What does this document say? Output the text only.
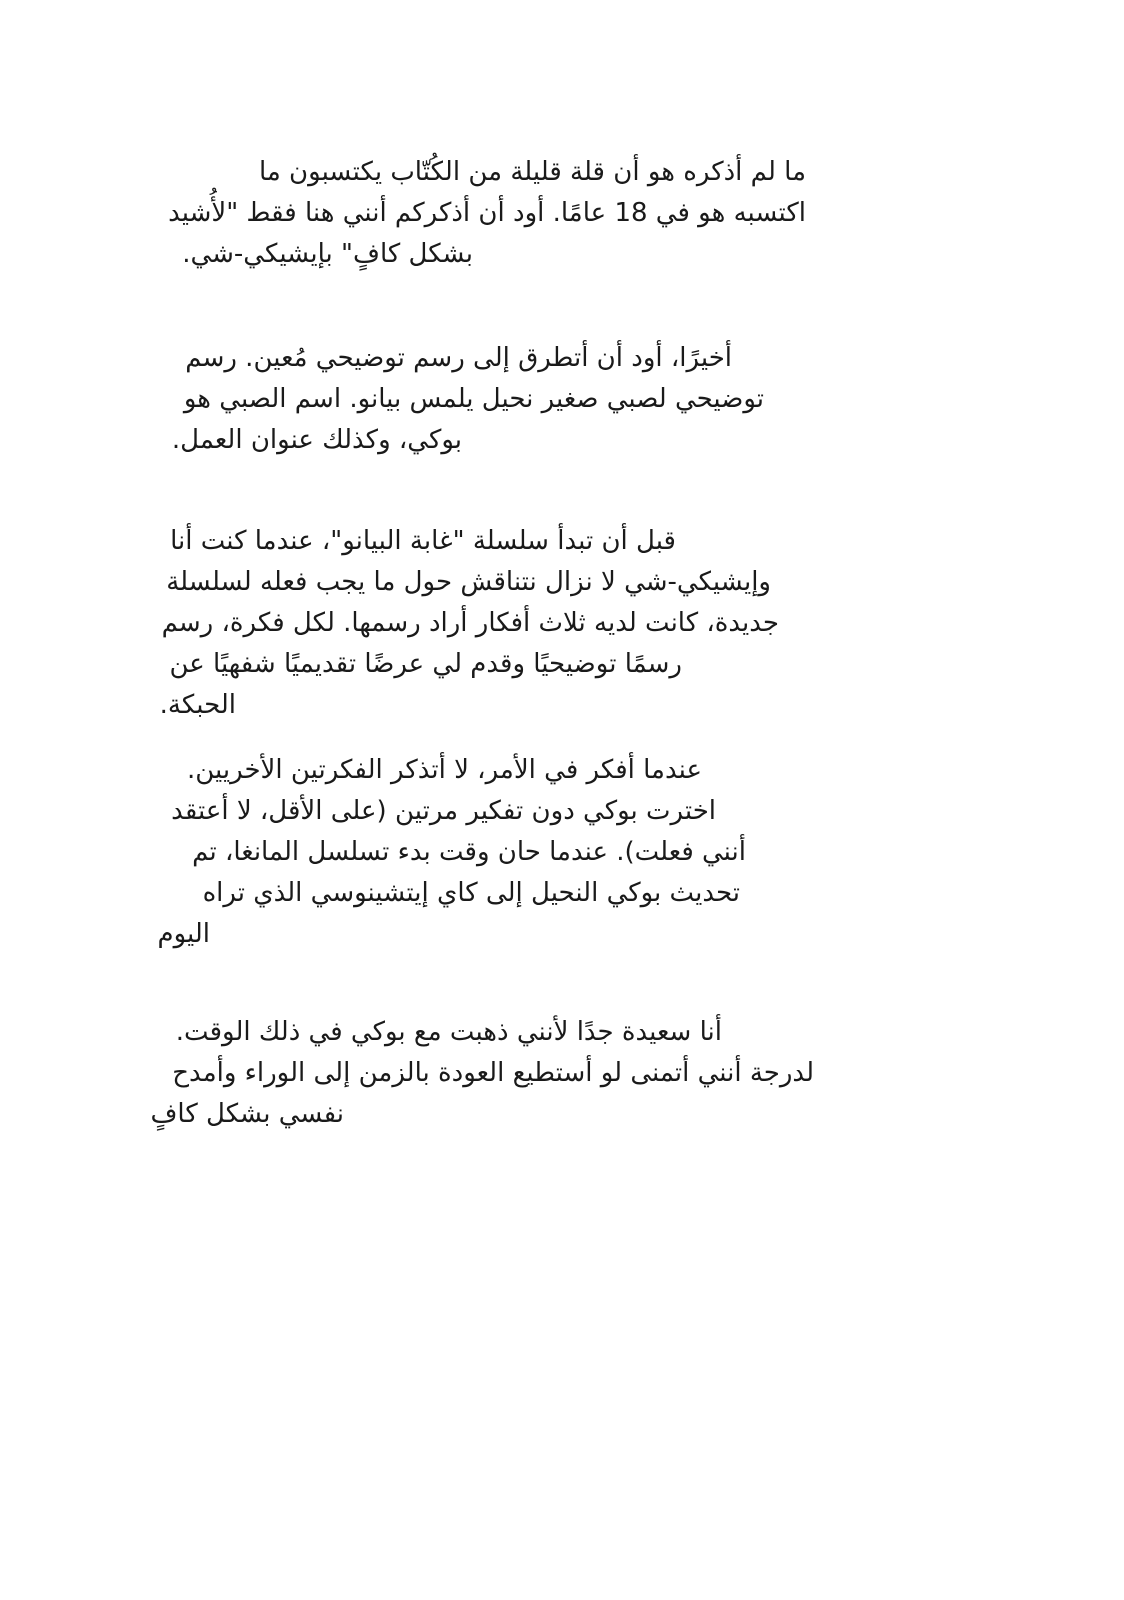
ما لم أذكره هو أن قلة قليلة من الكُتّاب يكتسبون ما
اكتسبه هو في 18 عامًا. أود أن أذكركم أنني هنا فقط "لأُشيد
بشكل كافٍ" بإيشيكي-شي.
أخيرًا، أود أن أتطرق إلى رسم توضيحي مُعين. رسم
توضيحي لصبي صغير نحيل يلمس بيانو. اسم الصبي هو
بوكي، وكذلك عنوان العمل.
قبل أن تبدأ سلسلة "غابة البيانو"، عندما كنت أنا
وإيشيكي-شي لا نزال نتناقش حول ما يجب فعله لسلسلة
جديدة، كانت لديه ثلاث أفكار أراد رسمها. لكل فكرة، رسم
رسمًا توضيحيًا وقدم لي عرضًا تقديميًا شفهيًا عن
الحبكة.
عندما أفكر في الأمر، لا أتذكر الفكرتين الأخريين.
اخترت بوكي دون تفكير مرتين (على الأقل، لا أعتقد
أنني فعلت). عندما حان وقت بدء تسلسل المانغا، تم
تحديث بوكي النحيل إلى كاي إيتشينوسي الذي تراه
اليوم
أنا سعيدة جدًا لأنني ذهبت مع بوكي في ذلك الوقت.
لدرجة أنني أتمنى لو أستطيع العودة بالزمن إلى الوراء وأمدح
نفسي بشكل كافٍ
